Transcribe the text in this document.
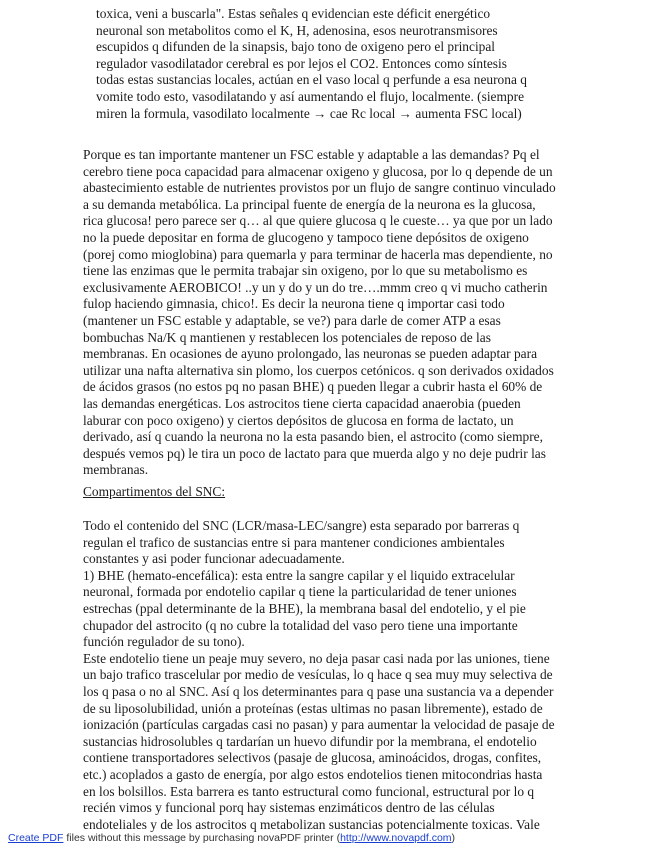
toxica, veni a buscarla". Estas señales q evidencian este déficit energético
neuronal son metabolitos como el K, H, adenosina, esos neurotransmisores
escupidos q difunden de la sinapsis, bajo tono de oxigeno pero el principal
regulador vasodilatador cerebral es por lejos el CO2. Entonces como síntesis
todas estas sustancias locales, actúan en el vaso local q perfunde a esa neurona q
vomite todo esto, vasodilatando y así aumentando el flujo, localmente. (siempre
miren la formula, vasodilato localmente → cae Rc local → aumenta FSC local)
Porque es tan importante mantener un FSC estable y adaptable a las demandas? Pq el
cerebro tiene poca capacidad para almacenar oxigeno y glucosa, por lo q depende de un
abastecimiento estable de nutrientes provistos por un flujo de sangre continuo vinculado
a su demanda metabólica. La principal fuente de energía de la neurona es la glucosa,
rica glucosa! pero parece ser q… al que quiere glucosa q le cueste… ya que por un lado
no la puede depositar en forma de glucogeno y tampoco tiene depósitos de oxigeno
(porej como mioglobina) para quemarla y para terminar de hacerla mas dependiente, no
tiene las enzimas que le permita trabajar sin oxigeno, por lo que su metabolismo es
exclusivamente AEROBICO! ..y un y do y un do tre….mmm creo q vi mucho catherin
fulop haciendo gimnasia, chico!. Es decir la neurona tiene q importar casi todo
(mantener un FSC estable y adaptable, se ve?) para darle de comer ATP a esas
bombuchas Na/K q mantienen y restablecen los potenciales de reposo de las
membranas. En ocasiones de ayuno prolongado, las neuronas se pueden adaptar para
utilizar una nafta alternativa sin plomo, los cuerpos cetónicos. q son derivados oxidados
de ácidos grasos (no estos pq no pasan BHE) q pueden llegar a cubrir hasta el 60% de
las demandas energéticas. Los astrocitos tiene cierta capacidad anaerobia (pueden
laburar con poco oxigeno) y ciertos depósitos de glucosa en forma de lactato, un
derivado, así q cuando la neurona no la esta pasando bien, el astrocito (como siempre,
después vemos pq) le tira un poco de lactato para que muerda algo y no deje pudrir las
membranas.
Compartimentos del SNC:
Todo el contenido del SNC (LCR/masa-LEC/sangre) esta separado por barreras q
regulan el trafico de sustancias entre si para mantener condiciones ambientales
constantes y asi poder funcionar adecuadamente.
1) BHE (hemato-encefálica): esta entre la sangre capilar y el liquido extracelular
neuronal, formada por endotelio capilar q tiene la particularidad de tener uniones
estrechas (ppal determinante de la BHE), la membrana basal del endotelio, y el pie
chupador del astrocito (q no cubre la totalidad del vaso pero tiene una importante
función regulador de su tono).
Este endotelio tiene un peaje muy severo, no deja pasar casi nada por las uniones, tiene
un bajo trafico trascelular por medio de vesículas, lo q hace q sea muy muy selectiva de
los q pasa o no al SNC. Así q los determinantes para q pase una sustancia va a depender
de su liposolubilidad, unión a proteínas (estas ultimas no pasan libremente), estado de
ionización (partículas cargadas casi no pasan) y para aumentar la velocidad de pasaje de
sustancias hidrosolubles q tardarían un huevo difundir por la membrana, el endotelio
contiene transportadores selectivos (pasaje de glucosa, aminoácidos, drogas, confites,
etc.) acoplados a gasto de energía, por algo estos endotelios tienen mitocondrias hasta
en los bolsillos. Esta barrera es tanto estructural como funcional, estructural por lo q
recién vimos y funcional porq hay sistemas enzimáticos dentro de las células
endoteliales y de los astrocitos q metabolizan sustancias potencialmente toxicas. Vale
Create PDF files without this message by purchasing novaPDF printer (http://www.novapdf.com)
